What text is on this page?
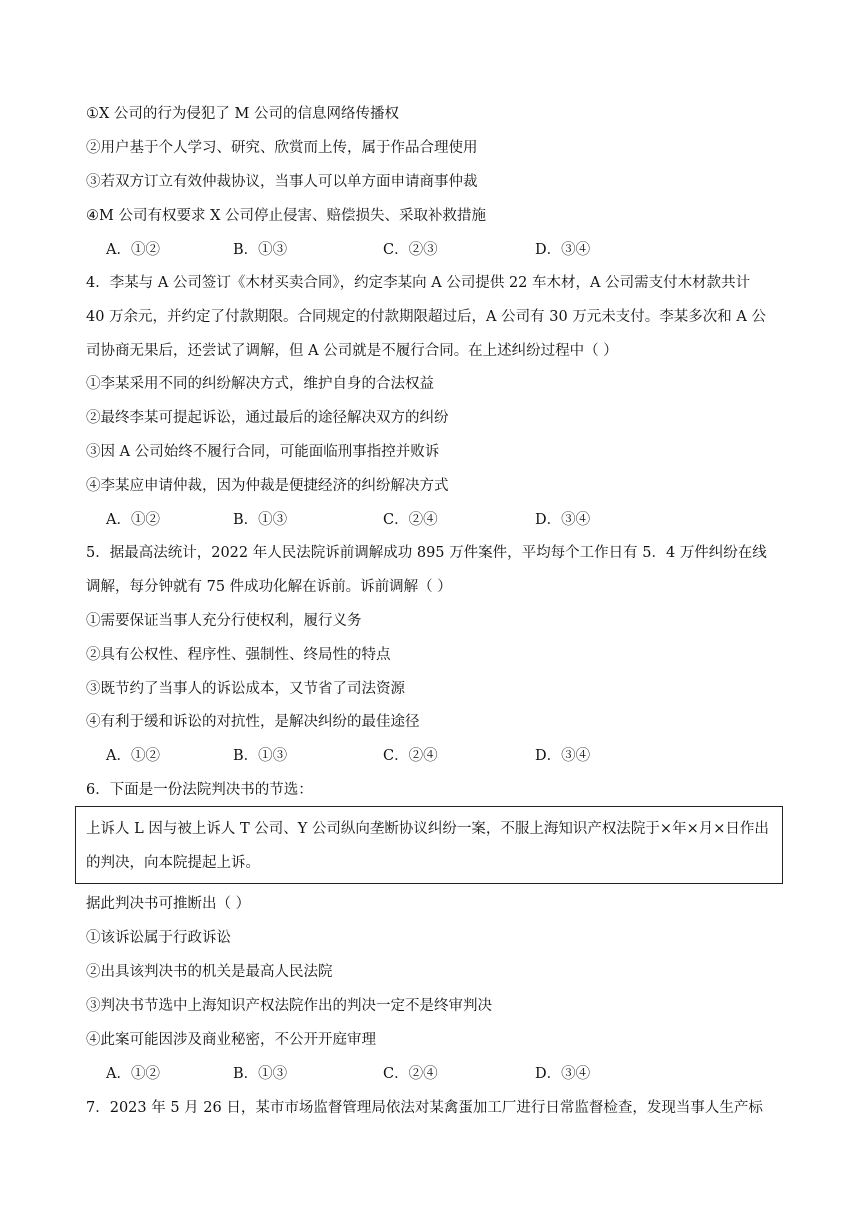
①X 公司的行为侵犯了 M 公司的信息网络传播权
②用户基于个人学习、研究、欣赏而上传，属于作品合理使用
③若双方订立有效仲裁协议，当事人可以单方面申请商事仲裁
④M 公司有权要求 X 公司停止侵害、赔偿损失、采取补救措施
A．①②	B．①③	C．②③	D．③④
4．李某与 A 公司签订《木材买卖合同》，约定李某向 A 公司提供 22 车木材，A 公司需支付木材款共计
40 万余元，并约定了付款期限。合同规定的付款期限超过后，A 公司有 30 万元未支付。李某多次和 A 公
司协商无果后，还尝试了调解，但 A 公司就是不履行合同。在上述纠纷过程中（ ）
①李某采用不同的纠纷解决方式，维护自身的合法权益
②最终李某可提起诉讼，通过最后的途径解决双方的纠纷
③因 A 公司始终不履行合同，可能面临刑事指控并败诉
④李某应申请仲裁，因为仲裁是便捷经济的纠纷解决方式
A．①②	B．①③	C．②④	D．③④
5．据最高法统计，2022 年人民法院诉前调解成功 895 万件案件，平均每个工作日有 5．4 万件纠纷在线
调解，每分钟就有 75 件成功化解在诉前。诉前调解（ ）
①需要保证当事人充分行使权利，履行义务
②具有公权性、程序性、强制性、终局性的特点
③既节约了当事人的诉讼成本，又节省了司法资源
④有利于缓和诉讼的对抗性，是解决纠纷的最佳途径
A．①②	B．①③	C．②④	D．③④
6．下面是一份法院判决书的节选：
上诉人 L 因与被上诉人 T 公司、Y 公司纵向垄断协议纠纷一案，不服上海知识产权法院于×年×月×日作出
的判决，向本院提起上诉。
据此判决书可推断出（ ）
①该诉讼属于行政诉讼
②出具该判决书的机关是最高人民法院
③判决书节选中上海知识产权法院作出的判决一定不是终审判决
④此案可能因涉及商业秘密，不公开开庭审理
A．①②	B．①③	C．②④	D．③④
7．2023 年 5 月 26 日，某市市场监督管理局依法对某禽蛋加工厂进行日常监督检查，发现当事人生产标
